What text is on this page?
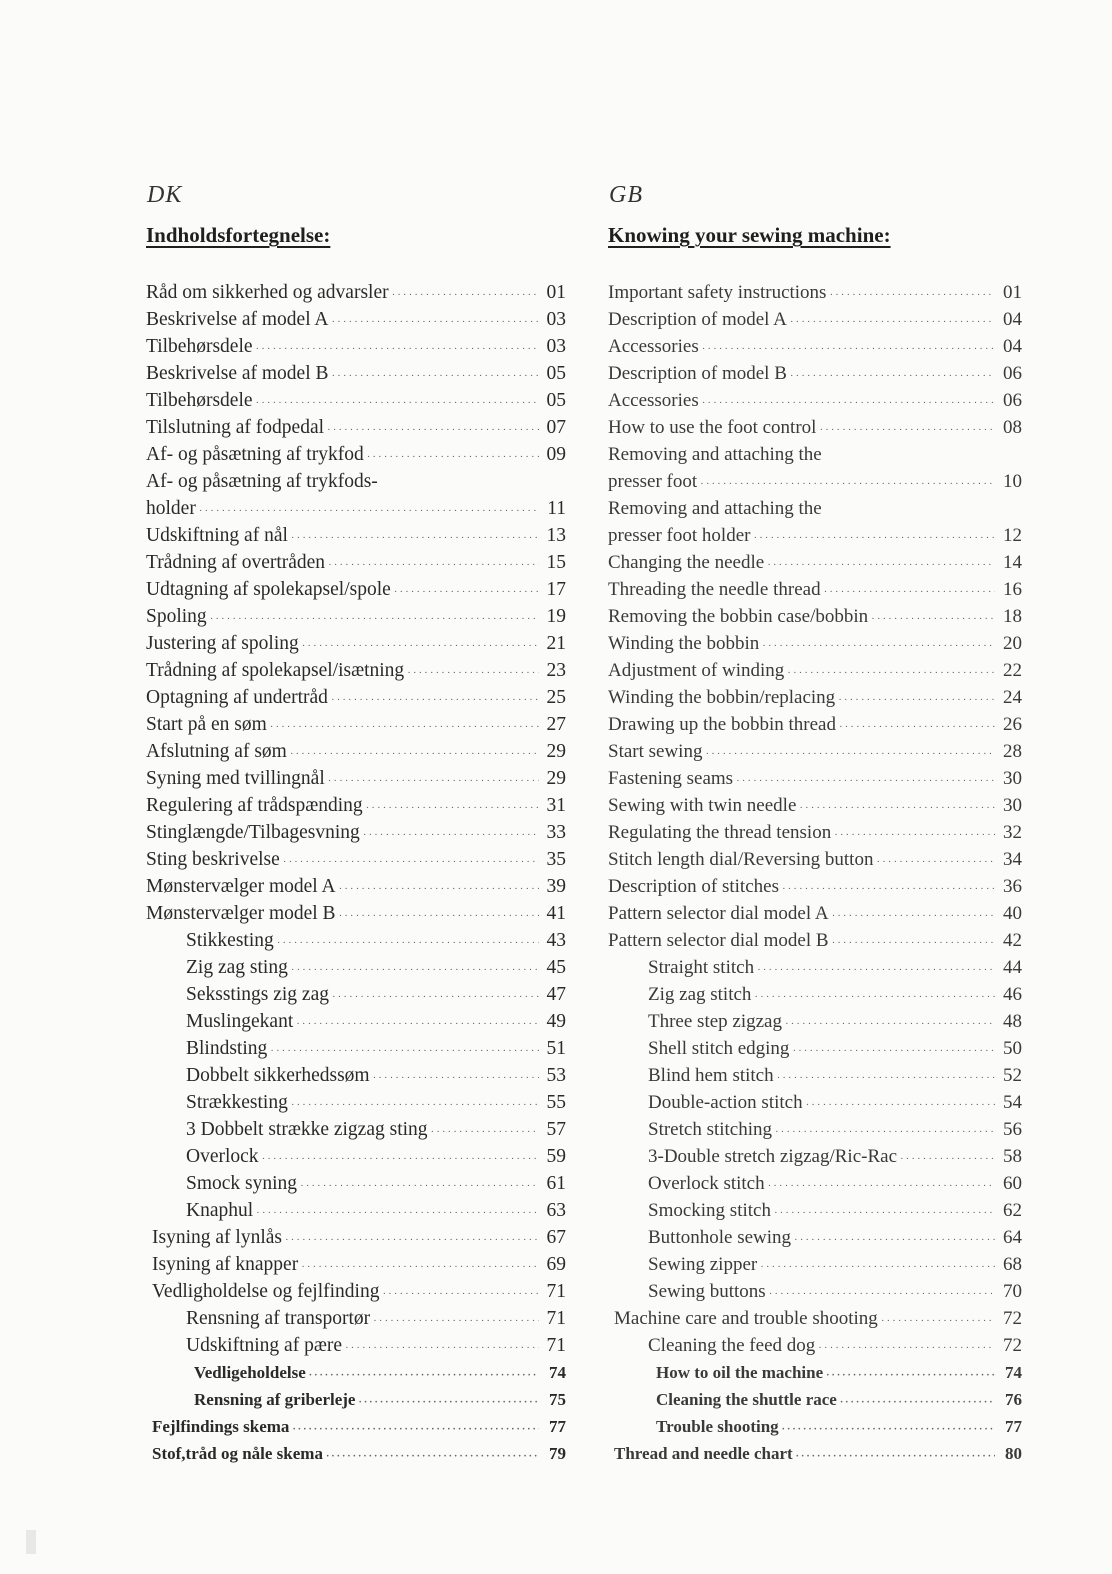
DK
Indholdsfortegnelse:
Råd om sikkerhed og advarsler ·····	01
Beskrivelse af model A ·····	03
Tilbehørsdele ·····	03
Beskrivelse af model B ·····	05
Tilbehørsdele ·····	05
Tilslutning af fodpedal ·····	07
Af- og påsætning af trykfod ·····	09
Af- og påsætning af trykfods-
holder ·····	11
Udskiftning af nål ·····	13
Trådning af overtråden ·····	15
Udtagning af spolekapsel/spole ·····	17
Spoling ·····	19
Justering af spoling ·····	21
Trådning af spolekapsel/isætning ·····	23
Optagning af undertråd ·····	25
Start på en søm ·····	27
Afslutning af søm ·····	29
Syning med tvillingnål ·····	29
Regulering af trådspænding ·····	31
Stinglængde/Tilbagesvning ·····	33
Sting beskrivelse ·····	35
Mønstervælger model A ·····	39
Mønstervælger model B ·····	41
Stikkesting ·····	43
Zig zag sting ·····	45
Seksstings zig zag ·····	47
Muslingekant ·····	49
Blindsting ·····	51
Dobbelt sikkerhedssøm ·····	53
Strækkesting ·····	55
3 Dobbelt strække zigzag sting ·····	57
Overlock ·····	59
Smock syning ·····	61
Knaphul ·····	63
Isyning af lynlås ·····	67
Isyning af knapper ·····	69
Vedligholdelse og fejlfinding ·····	71
Rensning af transportør ·····	71
Udskiftning af pære ·····	71
Vedligeholdelse ·····	74
Rensning af griberleje ·····	75
Fejlfindings skema ·····	77
Stof,tråd og nåle skema ·····	79
GB
Knowing your sewing machine:
Important safety instructions ·····	01
Description of model A ·····	04
Accessories ·····	04
Description of model B ·····	06
Accessories ·····	06
How to use the foot control ·····	08
Removing and attaching the
presser foot ·····	10
Removing and attaching the
presser foot holder ·····	12
Changing the needle ·····	14
Threading the needle thread ·····	16
Removing the bobbin case/bobbin ·····	18
Winding the bobbin ·····	20
Adjustment of winding ·····	22
Winding the bobbin/replacing ·····	24
Drawing up the bobbin thread ·····	26
Start sewing ·····	28
Fastening seams ·····	30
Sewing with twin needle ·····	30
Regulating the thread tension ·····	32
Stitch length dial/Reversing button ·····	34
Description of stitches ·····	36
Pattern selector dial model A ·····	40
Pattern selector dial model B ·····	42
Straight stitch ·····	44
Zig zag stitch ·····	46
Three step zigzag ·····	48
Shell stitch edging ·····	50
Blind hem stitch ·····	52
Double-action stitch ·····	54
Stretch stitching ·····	56
3-Double stretch zigzag/Ric-Rac ·····	58
Overlock stitch ·····	60
Smocking stitch ·····	62
Buttonhole sewing ·····	64
Sewing zipper ·····	68
Sewing buttons ·····	70
Machine care and trouble shooting ·····	72
Cleaning the feed dog ·····	72
How to oil the machine ·····	74
Cleaning the shuttle race ·····	76
Trouble shooting ·····	77
Thread and needle chart ·····	80
